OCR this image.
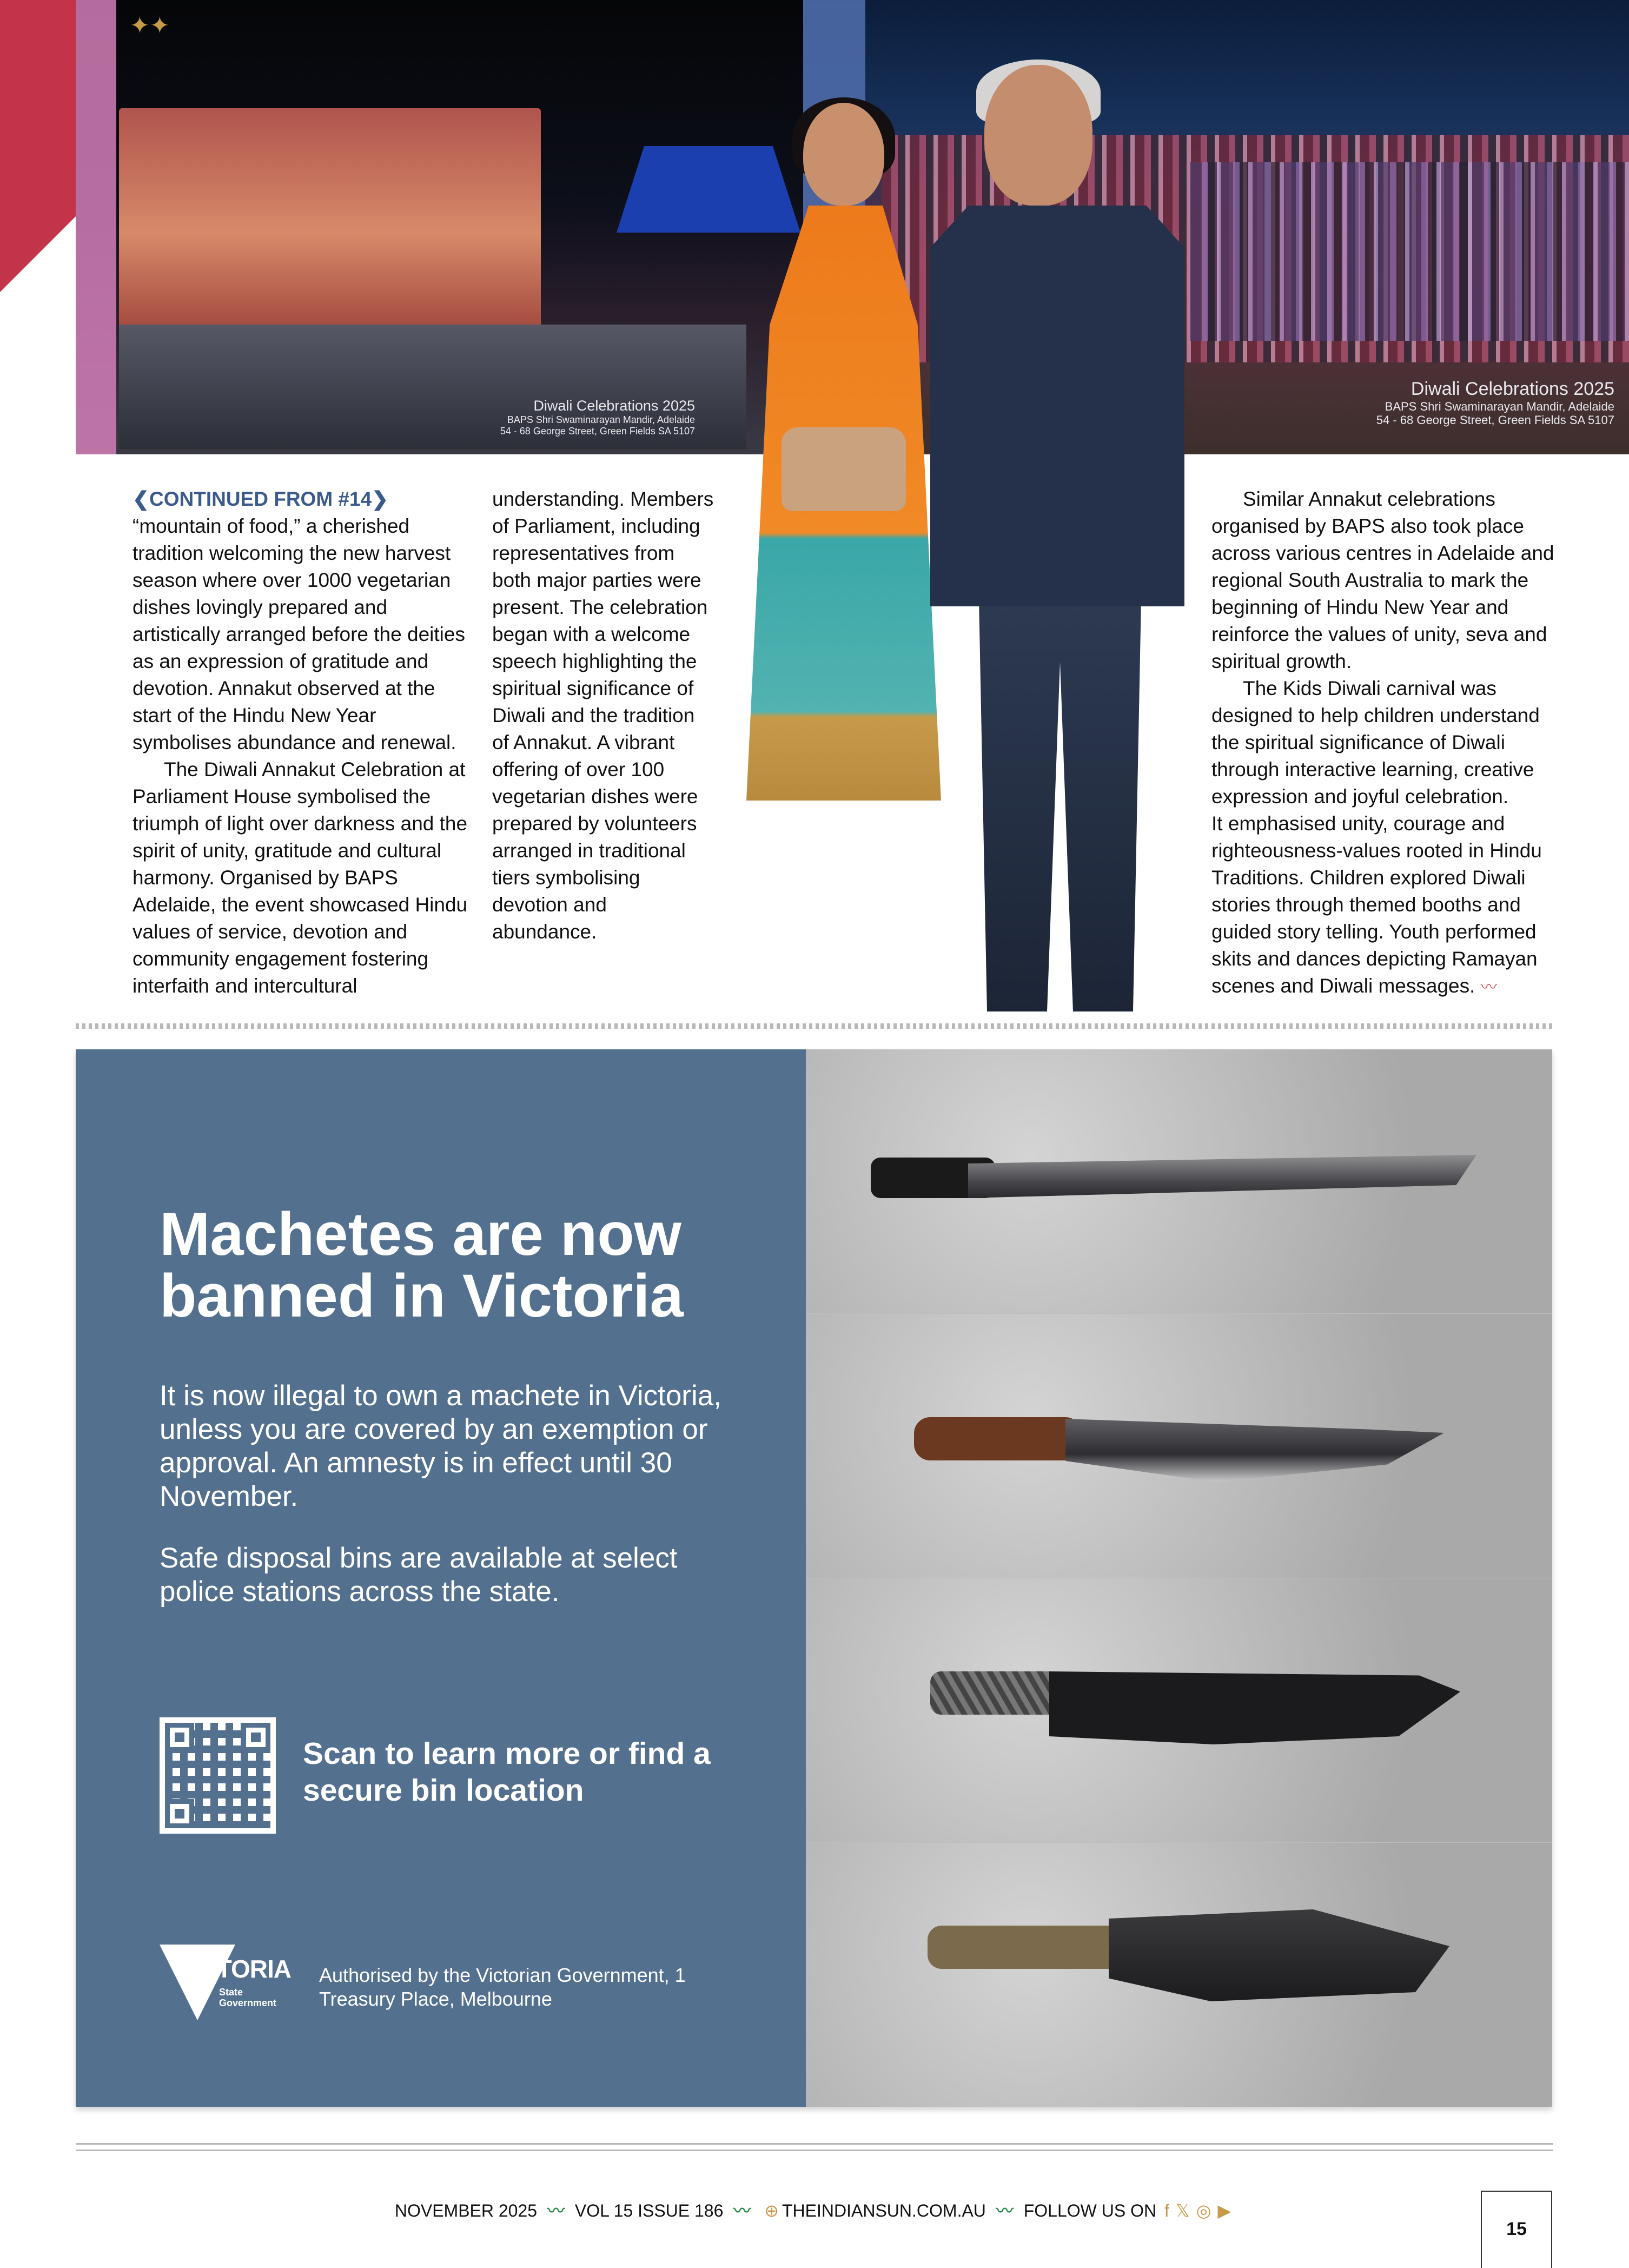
✦✦
Diwali Celebrations 2025
BAPS Shri Swaminarayan Mandir, Adelaide
54 - 68 George Street, Green Fields SA 5107
Diwali Celebrations 2025
BAPS Shri Swaminarayan Mandir, Adelaide
54 - 68 George Street, Green Fields SA 5107

❮CONTINUED FROM #14❯ “mountain of food,” a cherished tradition welcoming the new harvest season where over 1000 vegetarian dishes lovingly prepared and artistically arranged before the deities as an expression of gratitude and devotion. Annakut observed at the start of the Hindu New Year symbolises abundance and renewal.

The Diwali Annakut Celebration at Parliament House symbolised the triumph of light over darkness and the spirit of unity, gratitude and cultural harmony. Organised by BAPS Adelaide, the event showcased Hindu values of service, devotion and community engagement fostering interfaith and intercultural

understanding. Members of Parliament, including representatives from both major parties were present. The celebration began with a welcome speech highlighting the spiritual significance of Diwali and the tradition of Annakut. A vibrant offering of over 100 vegetarian dishes were prepared by volunteers arranged in traditional tiers symbolising devotion and abundance.

Similar Annakut celebrations organised by BAPS also took place across various centres in Adelaide and regional South Australia to mark the beginning of Hindu New Year and reinforce the values of unity, seva and spiritual growth.

The Kids Diwali carnival was designed to help children understand the spiritual significance of Diwali through interactive learning, creative expression and joyful celebration.

It emphasised unity, courage and righteousness-values rooted in Hindu Traditions. Children explored Diwali stories through themed booths and guided story telling. Youth performed skits and dances depicting Ramayan scenes and Diwali messages. 〰

Machetes are now banned in Victoria

It is now illegal to own a machete in Victoria, unless you are covered by an exemption or approval. An amnesty is in effect until 30 November.

Safe disposal bins are available at select police stations across the state.

Scan to learn more or find a secure bin location

VICTORIA
State Government

Authorised by the Victorian Government, 1 Treasury Place, Melbourne

NOVEMBER 2025 〰 VOL 15 ISSUE 186 〰 ⊕ THEINDIANSUN.COM.AU 〰 FOLLOW US ON f 𝕏 ◎ ▶
15
